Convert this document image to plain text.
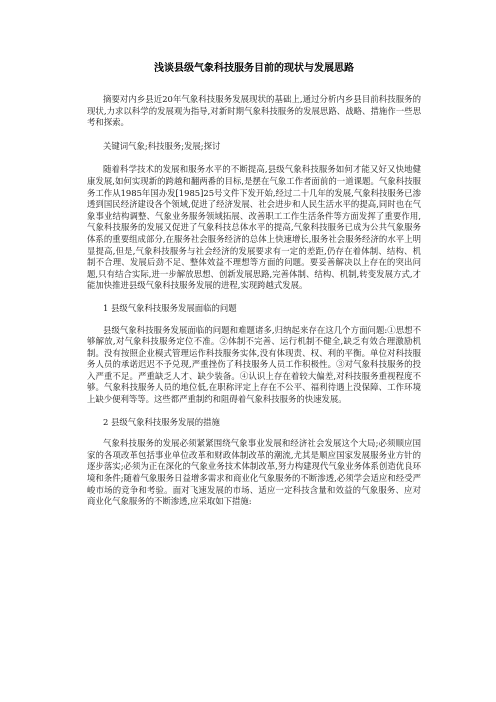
浅谈县级气象科技服务目前的现状与发展思路

摘要对内乡县近20年气象科技服务发展现状的基础上,通过分析内乡县目前科技服务的现状,力求以科学的发展观为指导,对新时期气象科技服务的发展思路、战略、措施作一些思考和探索。

关键词气象;科技服务;发展;探讨

随着科学技术的发展和服务水平的不断提高,县级气象科技服务如何才能又好又快地健康发展,如何实现新的跨越和翻两番的目标,是摆在气象工作者面前的一道课题。气象科技服务工作从1985年国办发[1985]25号文件下发开始,经过二十几年的发展,气象科技服务已渗透到国民经济建设各个领域,促进了经济发展、社会进步和人民生活水平的提高,同时也在气象事业结构调整、气象业务服务领域拓展、改善职工工作生活条件等方面发挥了重要作用,气象科技服务的发展又促进了气象科技总体水平的提高,气象科技服务已成为公共气象服务体系的重要组成部分,在服务社会服务经济的总体上快速增长,服务社会服务经济的水平上明显提高,但是,气象科技服务与社会经济的发展要求有一定的差距,仍存在着体制、结构、机制不合理、发展后劲不足、整体效益不理想等方面的问题。要妥善解决以上存在的突出问题,只有结合实际,进一步解放思想、创新发展思路,完善体制、结构、机制,转变发展方式,才能加快推进县级气象科技服务发展的进程,实现跨越式发展。

1 县级气象科技服务发展面临的问题

县级气象科技服务发展面临的问题和难题诸多,归纳起来存在这几个方面问题:①思想不够解放,对气象科技服务定位不准。②体制不完善、运行机制不健全,缺乏有效合理激励机制。没有按照企业模式管理运作科技服务实体,没有体现责、权、利的平衡。单位对科技服务人员的承诺迟迟不予兑现,严重挫伤了科技服务人员工作积极性。③对气象科技服务的投入严重不足。严重缺乏人才、缺少装备。④认识上存在着较大偏差,对科技服务重视程度不够。气象科技服务人员的地位低,在职称评定上存在不公平、福利待遇上没保障、工作环境上缺少便利等等。这些都严重制约和阻碍着气象科技服务的快速发展。

2 县级气象科技服务发展的措施

气象科技服务的发展必须紧紧围绕气象事业发展和经济社会发展这个大局;必须顺应国家的各项改革包括事业单位改革和财政体制改革的潮流,尤其是顺应国家发展服务业方针的逐步落实;必须为正在深化的气象业务技术体制改革,努力构建现代气象业务体系创造优良环境和条件;随着气象服务日益增多需求和商业化气象服务的不断渗透,必须学会适应和经受严峻市场的竞争和考验。面对飞速发展的市场、适应一定科技含量和效益的气象服务、应对商业化气象服务的不断渗透,应采取如下措施:
